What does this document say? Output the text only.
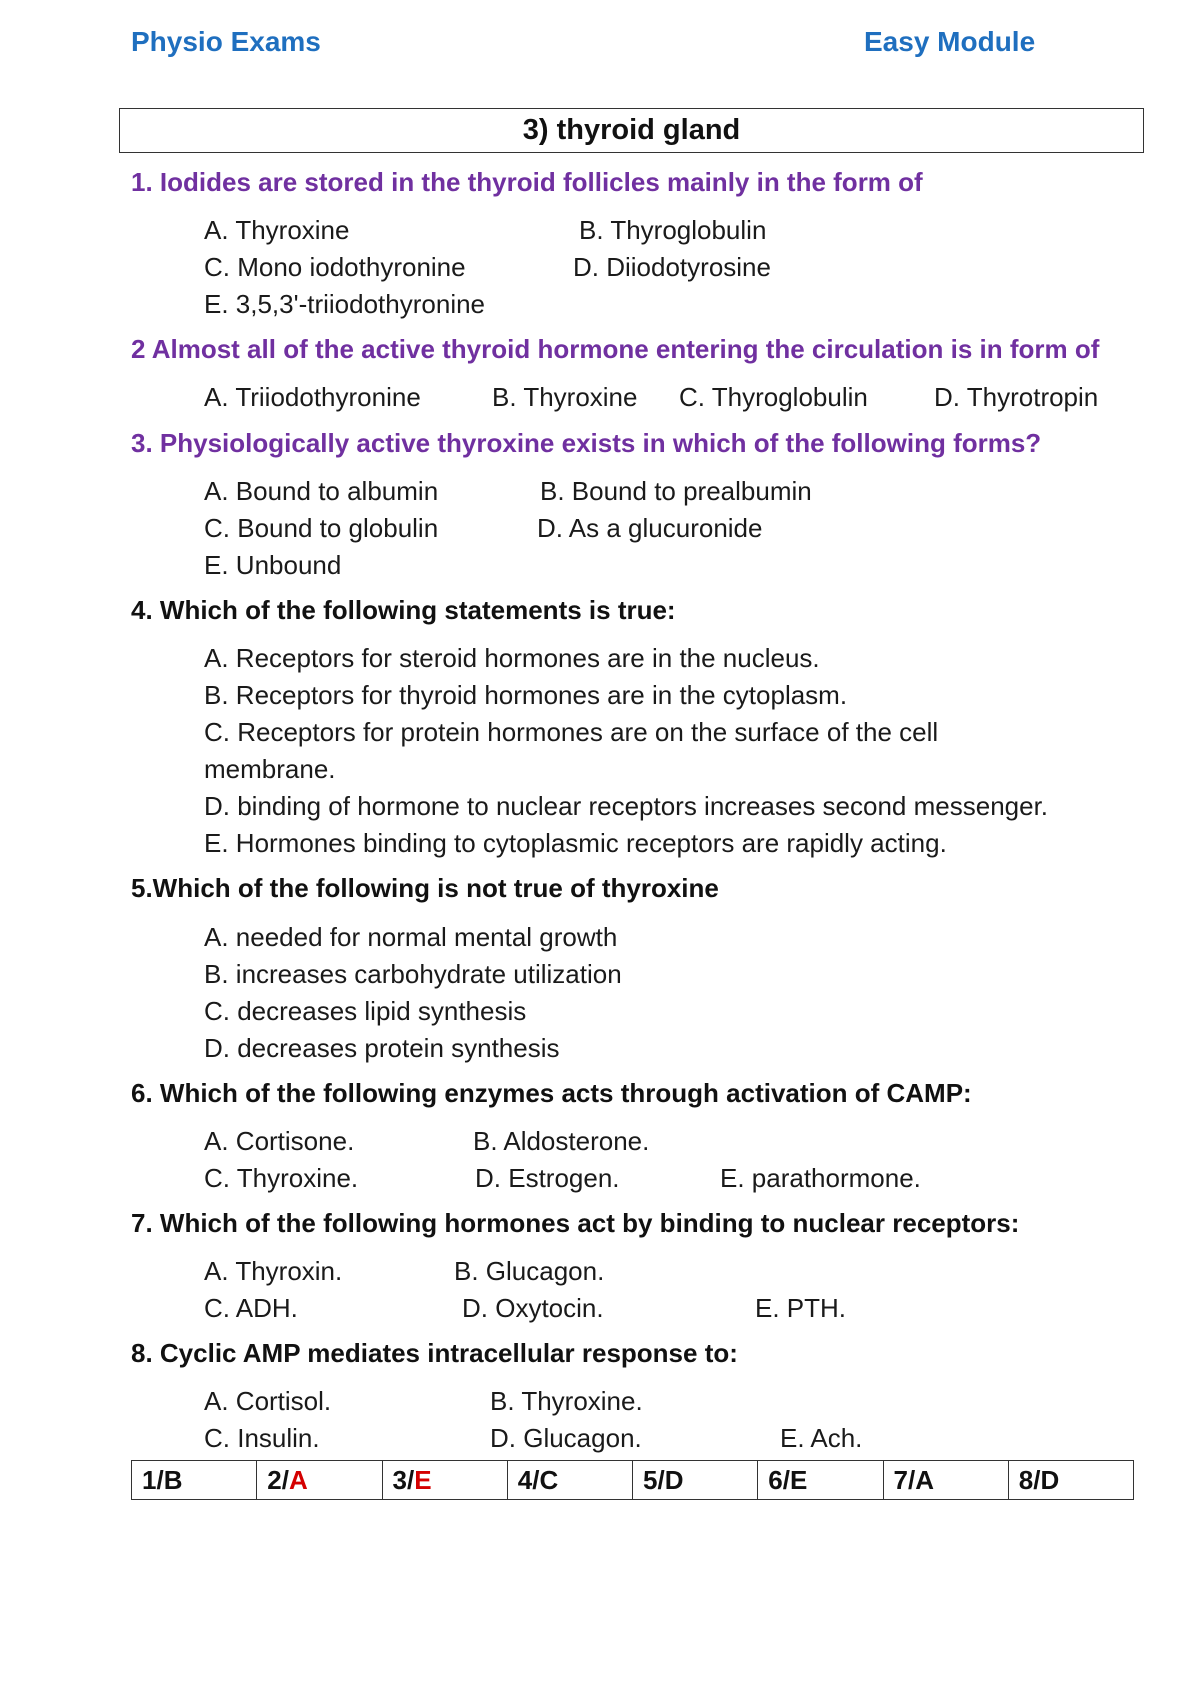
Physio Exams	Easy Module
3) thyroid gland
1. Iodides are stored in the thyroid follicles mainly in the form of
A. Thyroxine	B. Thyroglobulin
C. Mono iodothyronine	D. Diiodotyrosine
E. 3,5,3'-triiodothyronine
2 Almost all of the active thyroid hormone entering the circulation is in form of
A. Triiodothyronine	B. Thyroxine C. Thyroglobulin	D. Thyrotropin
3. Physiologically active thyroxine exists in which of the following forms?
A. Bound to albumin	B. Bound to prealbumin
C. Bound to globulin	D. As a glucuronide
E. Unbound
4. Which of the following statements is true:
A. Receptors for steroid hormones are in the nucleus.
B. Receptors for thyroid hormones are in the cytoplasm.
C. Receptors for protein hormones are on the surface of the cell
membrane.
D. binding of hormone to nuclear receptors increases second messenger.
E. Hormones binding to cytoplasmic receptors are rapidly acting.
5.Which of the following is not true of thyroxine
A. needed for normal mental growth
B. increases carbohydrate utilization
C. decreases lipid synthesis
D. decreases protein synthesis
6. Which of the following enzymes acts through activation of CAMP:
A. Cortisone.	B. Aldosterone.
C. Thyroxine.	D. Estrogen.	E. parathormone.
7. Which of the following hormones act by binding to nuclear receptors:
A. Thyroxin.	B. Glucagon.
C. ADH.	D. Oxytocin.	E. PTH.
8. Cyclic AMP mediates intracellular response to:
A. Cortisol.	B. Thyroxine.
C. Insulin.	D. Glucagon.	E. Ach.
1/B	2/A	3/E	4/C	5/D	6/E	7/A	8/D
